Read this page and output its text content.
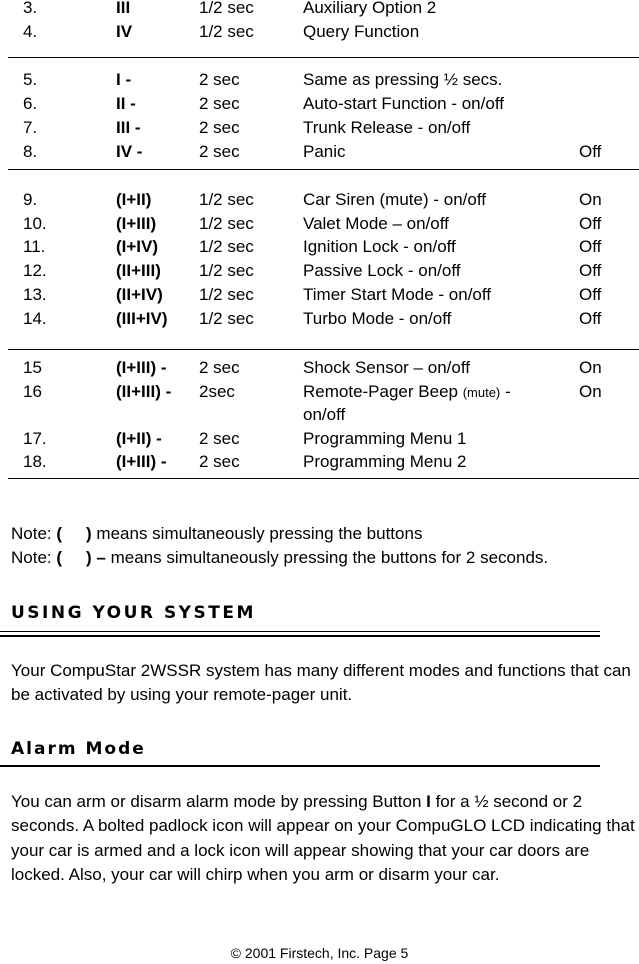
3.	III	1/2 sec	Auxiliary Option 2
4.	IV	1/2 sec	Query Function
5.	I -	2 sec	Same as pressing ½ secs.
6.	II -	2 sec	Auto-start Function - on/off
7.	III -	2 sec	Trunk Release - on/off
8.	IV -	2 sec	Panic	Off
9.	(I+II)	1/2 sec	Car Siren (mute) - on/off	On
10.	(I+III)	1/2 sec	Valet Mode – on/off	Off
11.	(I+IV) 1/2 sec	Ignition Lock - on/off	Off
12.	(II+III) 1/2 sec	Passive Lock - on/off	Off
13.	(II+IV) 1/2 sec	Timer Start Mode - on/off	Off
14.	(III+IV) 1/2 sec	Turbo Mode - on/off	Off
15	(I+III) - 2 sec	Shock Sensor – on/off	On
16	(II+III) - 2sec	Remote-Pager Beep (mute) -	On
on/off
17.	(I+II) - 2 sec	Programming Menu 1
18.	(I+III) - 2 sec	Programming Menu 2
Note: ( ) means simultaneously pressing the buttons
Note: ( ) – means simultaneously pressing the buttons for 2 seconds.
USING YOUR SYSTEM
Your CompuStar 2WSSR system has many different modes and functions that can be activated by using your remote-pager unit.
Alarm Mode
You can arm or disarm alarm mode by pressing Button I for a ½ second or 2 seconds. A bolted padlock icon will appear on your CompuGLO LCD indicating that your car is armed and a lock icon will appear showing that your car doors are locked. Also, your car will chirp when you arm or disarm your car.
© 2001 Firstech, Inc. Page 5
